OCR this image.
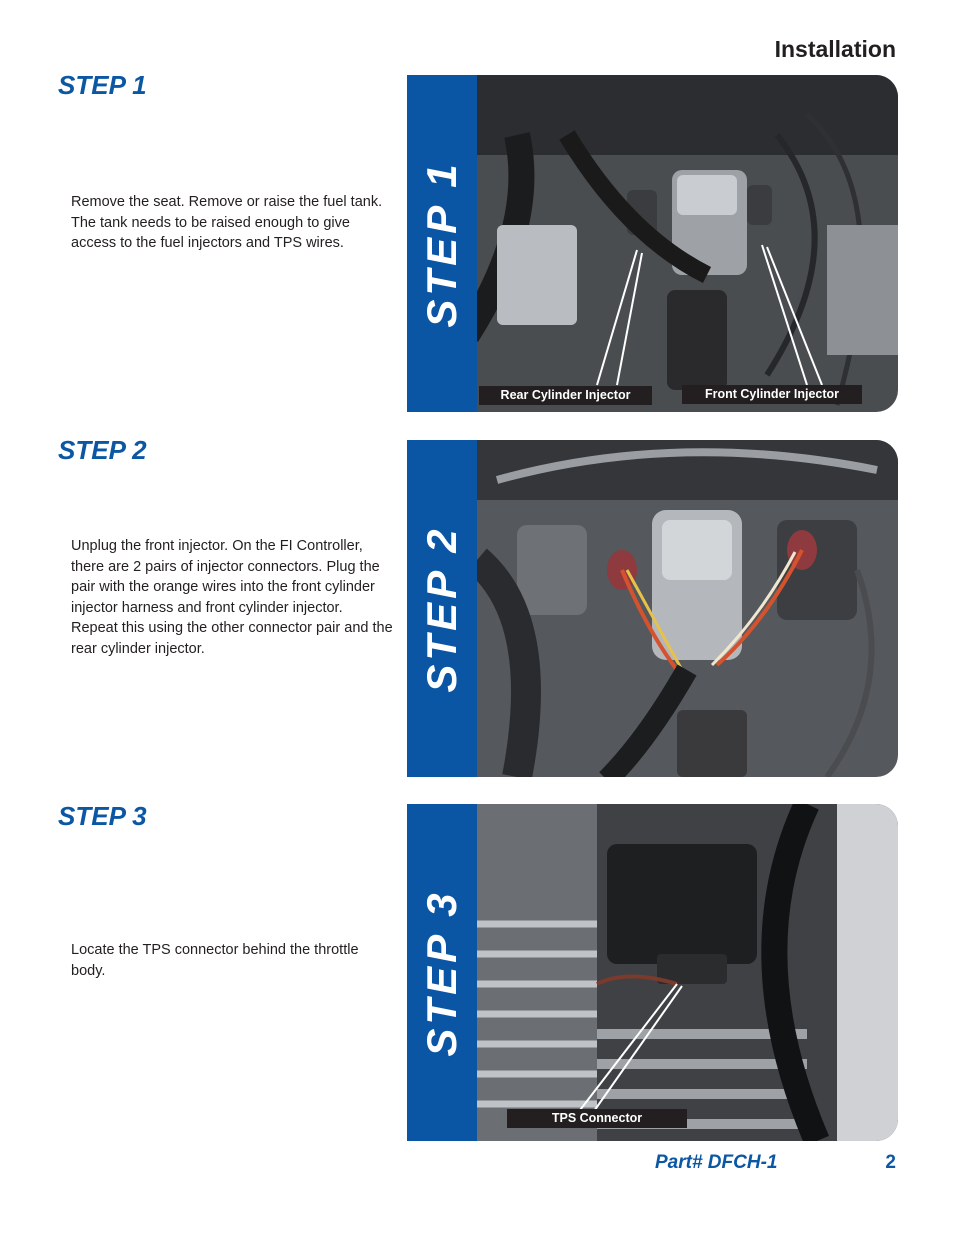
Installation
STEP 1

Remove the seat. Remove or raise the fuel tank. The tank needs to be raised enough to give access to the fuel injectors and TPS wires.	STEP 1
Rear Cylinder Injector	Front Cylinder Injector
STEP 2

Unplug the front injector. On the FI Controller, there are 2 pairs of injector connectors. Plug the pair with the orange wires into the front cylinder injector harness and front cylinder injector. Repeat this using the other connector pair and the rear cylinder injector.	STEP 2
STEP 3

Locate the TPS connector behind the throttle body.	STEP 3
TPS Connector

Part# DFCH-1	2
